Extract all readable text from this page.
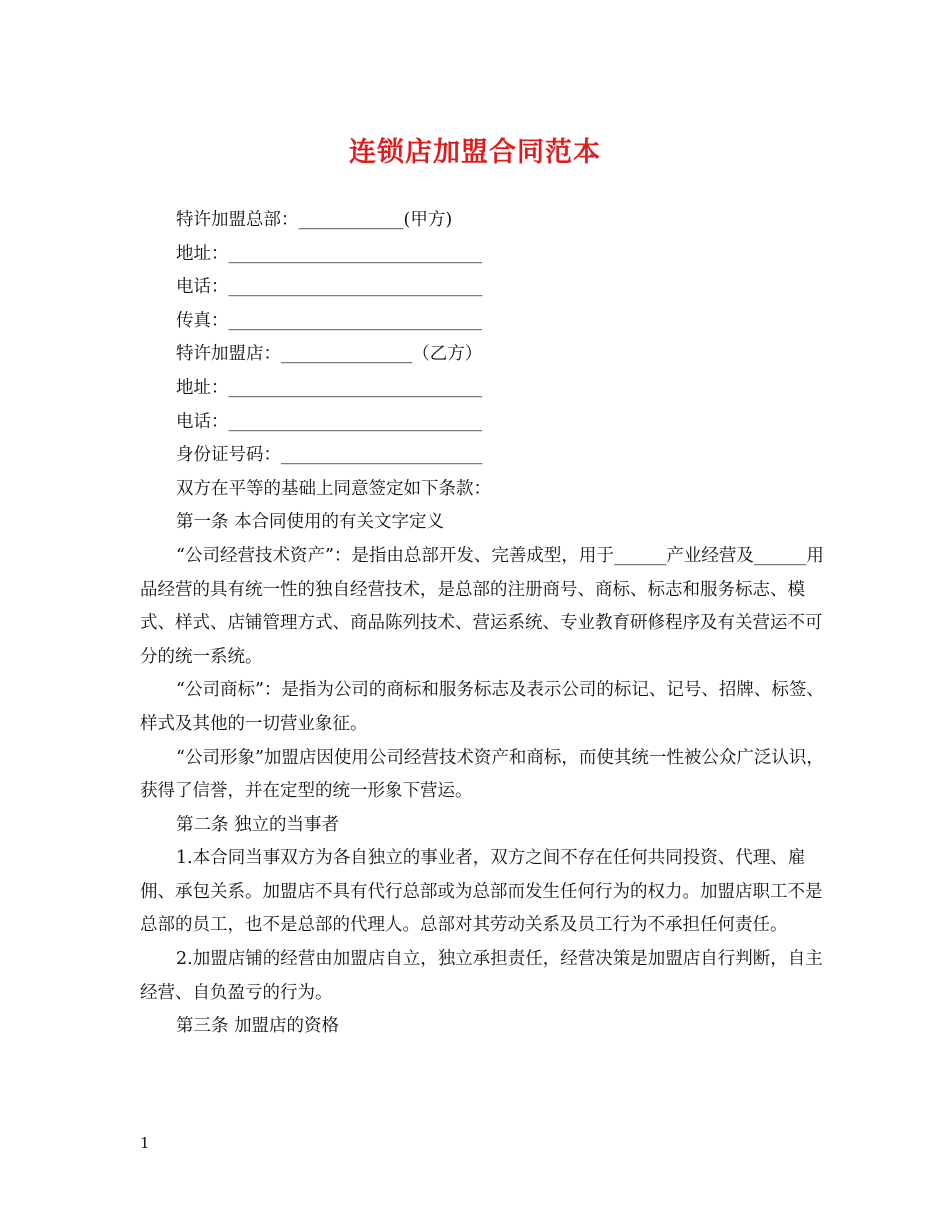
连锁店加盟合同范本
特许加盟总部：____________(甲方)
地址：_____________________________
电话：_____________________________
传真：_____________________________
特许加盟店：_______________（乙方）
地址：_____________________________
电话：_____________________________
身份证号码：_______________________
双方在平等的基础上同意签定如下条款：
第一条 本合同使用的有关文字定义
“公司经营技术资产”：是指由总部开发、完善成型，用于______产业经营及______用品经营的具有统一性的独自经营技术，是总部的注册商号、商标、标志和服务标志、模式、样式、店铺管理方式、商品陈列技术、营运系统、专业教育研修程序及有关营运不可分的统一系统。
“公司商标”：是指为公司的商标和服务标志及表示公司的标记、记号、招牌、标签、样式及其他的一切营业象征。
“公司形象”加盟店因使用公司经营技术资产和商标，而使其统一性被公众广泛认识，获得了信誉，并在定型的统一形象下营运。
第二条 独立的当事者
1.本合同当事双方为各自独立的事业者，双方之间不存在任何共同投资、代理、雇佣、承包关系。加盟店不具有代行总部或为总部而发生任何行为的权力。加盟店职工不是总部的员工，也不是总部的代理人。总部对其劳动关系及员工行为不承担任何责任。
2.加盟店铺的经营由加盟店自立，独立承担责任，经营决策是加盟店自行判断，自主经营、自负盈亏的行为。
第三条 加盟店的资格
1
